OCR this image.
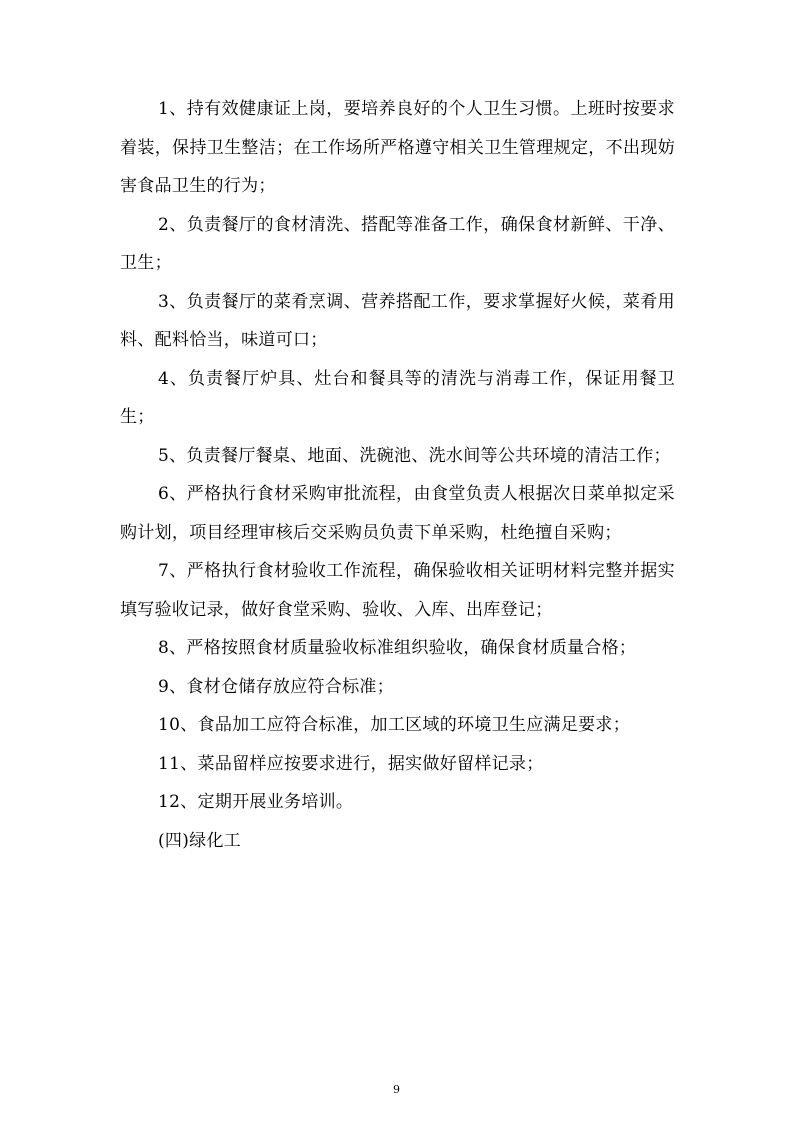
1、持有效健康证上岗，要培养良好的个人卫生习惯。上班时按要求着装，保持卫生整洁；在工作场所严格遵守相关卫生管理规定，不出现妨害食品卫生的行为；

2、负责餐厅的食材清洗、搭配等准备工作，确保食材新鲜、干净、卫生；

3、负责餐厅的菜肴烹调、营养搭配工作，要求掌握好火候，菜肴用料、配料恰当，味道可口；

4、负责餐厅炉具、灶台和餐具等的清洗与消毒工作，保证用餐卫生；

5、负责餐厅餐桌、地面、洗碗池、洗水间等公共环境的清洁工作；

6、严格执行食材采购审批流程，由食堂负责人根据次日菜单拟定采购计划，项目经理审核后交采购员负责下单采购，杜绝擅自采购；

7、严格执行食材验收工作流程，确保验收相关证明材料完整并据实填写验收记录，做好食堂采购、验收、入库、出库登记；

8、严格按照食材质量验收标准组织验收，确保食材质量合格；

9、食材仓储存放应符合标准；

10、食品加工应符合标准，加工区域的环境卫生应满足要求；

11、菜品留样应按要求进行，据实做好留样记录；

12、定期开展业务培训。

(四)绿化工

9
